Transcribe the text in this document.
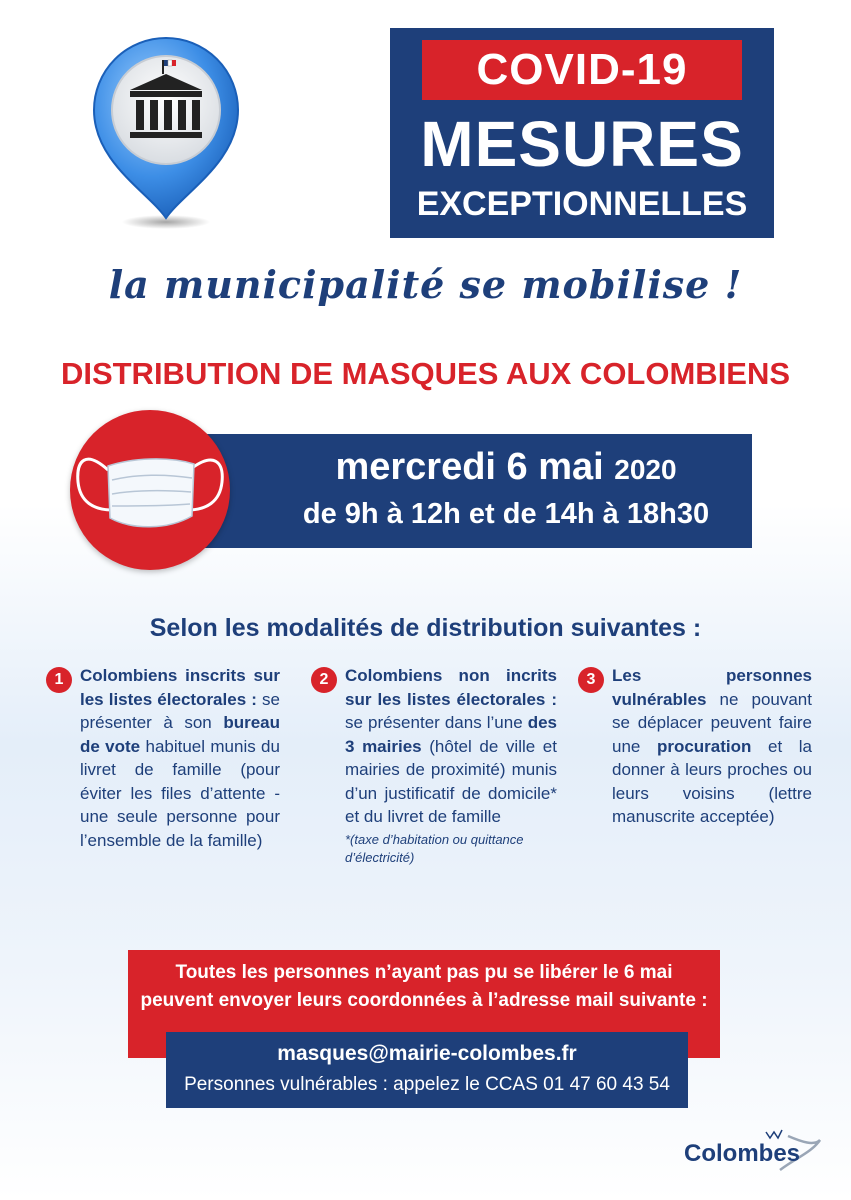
COVID-19
MESURES
EXCEPTIONNELLES
la municipalité se mobilise !
DISTRIBUTION DE MASQUES AUX COLOMBIENS
mercredi 6 mai 2020
de 9h à 12h et de 14h à 18h30
Selon les modalités de distribution suivantes :
1 Colombiens inscrits sur les listes électorales : se présenter à son bureau de vote habituel munis du livret de famille (pour éviter les files d’attente - une seule personne pour l’ensemble de la famille)
2 Colombiens non incrits sur les listes électorales : se présenter dans l’une des 3 mairies (hôtel de ville et mairies de proximité) munis d’un justificatif de domicile* et du livret de famille
*(taxe d’habitation ou quittance d’électricité)
3 Les personnes vulnérables ne pouvant se déplacer peuvent faire une procuration et la donner à leurs proches ou leurs voisins (lettre manuscrite acceptée)
Toutes les personnes n’ayant pas pu se libérer le 6 mai
peuvent envoyer leurs coordonnées à l’adresse mail suivante :
masques@mairie-colombes.fr
Personnes vulnérables : appelez le CCAS 01 47 60 43 54
Colombes
